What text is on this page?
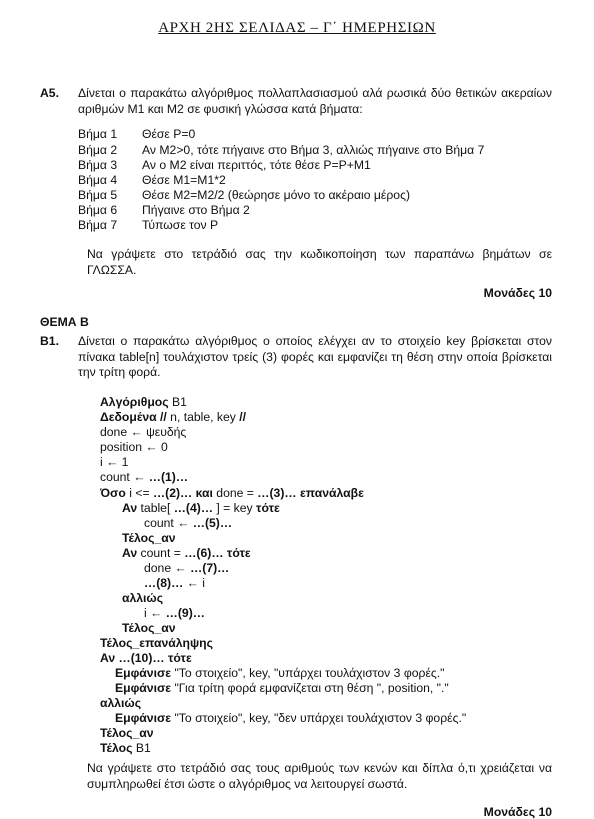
ΑΡΧΗ 2ΗΣ ΣΕΛΙΔΑΣ – Γ΄ ΗΜΕΡΗΣΙΩΝ
Α5. Δίνεται ο παρακάτω αλγόριθμος πολλαπλασιασμού αλά ρωσικά δύο θετικών ακεραίων αριθμών Μ1 και Μ2 σε φυσική γλώσσα κατά βήματα:
Βήμα 1 Θέσε P=0
Βήμα 2 Αν Μ2>0, τότε πήγαινε στο Βήμα 3, αλλιώς πήγαινε στο Βήμα 7
Βήμα 3 Αν ο Μ2 είναι περιττός, τότε θέσε P=P+M1
Βήμα 4 Θέσε Μ1=Μ1*2
Βήμα 5 Θέσε Μ2=Μ2/2 (θεώρησε μόνο το ακέραιο μέρος)
Βήμα 6 Πήγαινε στο Βήμα 2
Βήμα 7 Τύπωσε τον P
Να γράψετε στο τετράδιό σας την κωδικοποίηση των παραπάνω βημάτων σε ΓΛΩΣΣΑ.
Μονάδες 10
ΘΕΜΑ Β
Β1. Δίνεται ο παρακάτω αλγόριθμος ο οποίος ελέγχει αν το στοιχείο key βρίσκεται στον πίνακα table[n] τουλάχιστον τρείς (3) φορές και εμφανίζει τη θέση στην οποία βρίσκεται την τρίτη φορά.
Αλγόριθμος Β1
Δεδομένα // n, table, key //
done ← ψευδής
position ← 0
i ← 1
count ← …(1)…
Όσο i <= …(2)… και done = …(3)… επανάλαβε
Αν table[ …(4)… ] = key τότε
count ← …(5)…
Τέλος_αν
Αν count = …(6)… τότε
done ← …(7)…
…(8)… ← i
αλλιώς
i ← …(9)…
Τέλος_αν
Τέλος_επανάληψης
Αν …(10)… τότε
Εμφάνισε "Το στοιχείο", key, "υπάρχει τουλάχιστον 3 φορές."
Εμφάνισε "Για τρίτη φορά εμφανίζεται στη θέση ", position, "."
αλλιώς
Εμφάνισε "Το στοιχείο", key, "δεν υπάρχει τουλάχιστον 3 φορές."
Τέλος_αν
Τέλος Β1
Να γράψετε στο τετράδιό σας τους αριθμούς των κενών και δίπλα ό,τι χρειάζεται να συμπληρωθεί έτσι ώστε ο αλγόριθμος να λειτουργεί σωστά.
Μονάδες 10
